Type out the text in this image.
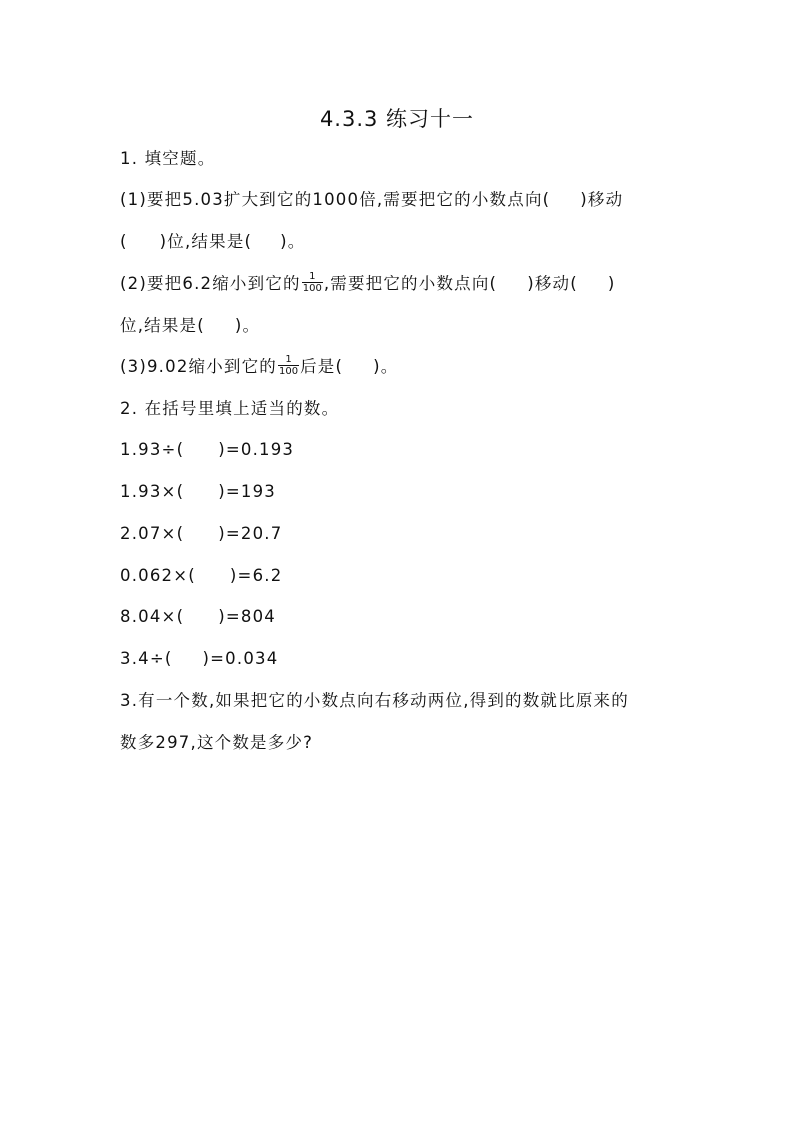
4.3.3 练习十一
1. 填空题。
(1)要把5.03扩大到它的1000倍,需要把它的小数点向( )移动
( )位,结果是( )。
(2)要把6.2缩小到它的 $\frac{1}{100}$ ,需要把它的小数点向( )移动( )
位,结果是( )。
(3)9.02缩小到它的 $\frac{1}{100}$ 后是( )。
2. 在括号里填上适当的数。
1.93÷( )=0.193
1.93×( )=193
2.07×( )=20.7
0.062×( )=6.2
8.04×( )=804
3.4÷( )=0.034
3.有一个数,如果把它的小数点向右移动两位,得到的数就比原来的
数多297,这个数是多少?
